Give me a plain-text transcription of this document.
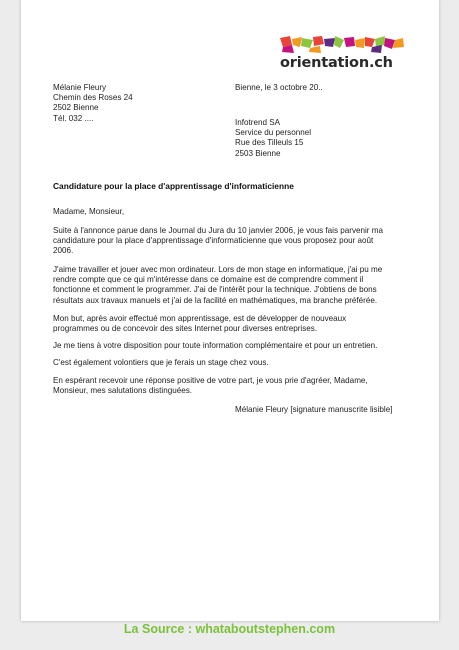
orientation.ch
Mélanie Fleury
Chemin des Roses 24
2502 Bienne
Tél. 032 ....
Bienne, le 3 octobre 20..
Infotrend SA
Service du personnel
Rue des Tilleuls 15
2503 Bienne
Candidature pour la place d'apprentissage d'informaticienne
Madame, Monsieur,
Suite à l'annonce parue dans le Journal du Jura du 10 janvier 2006, je vous fais parvenir ma
candidature pour la place d'apprentissage d'informaticienne que vous proposez pour août
2006.
J'aime travailler et jouer avec mon ordinateur. Lors de mon stage en informatique, j'ai pu me
rendre compte que ce qui m'intéresse dans ce domaine est de comprendre comment il
fonctionne et comment le programmer. J'ai de l'intérêt pour la technique. J'obtiens de bons
résultats aux travaux manuels et j'ai de la facilité en mathématiques, ma branche préférée.
Mon but, après avoir effectué mon apprentissage, est de développer de nouveaux
programmes ou de concevoir des sites Internet pour diverses entreprises.
Je me tiens à votre disposition pour toute information complémentaire et pour un entretien.
C'est également volontiers que je ferais un stage chez vous.
En espérant recevoir une réponse positive de votre part, je vous prie d'agréer, Madame,
Monsieur, mes salutations distinguées.
Mélanie Fleury [signature manuscrite lisible]
La Source : whataboutstephen.com
